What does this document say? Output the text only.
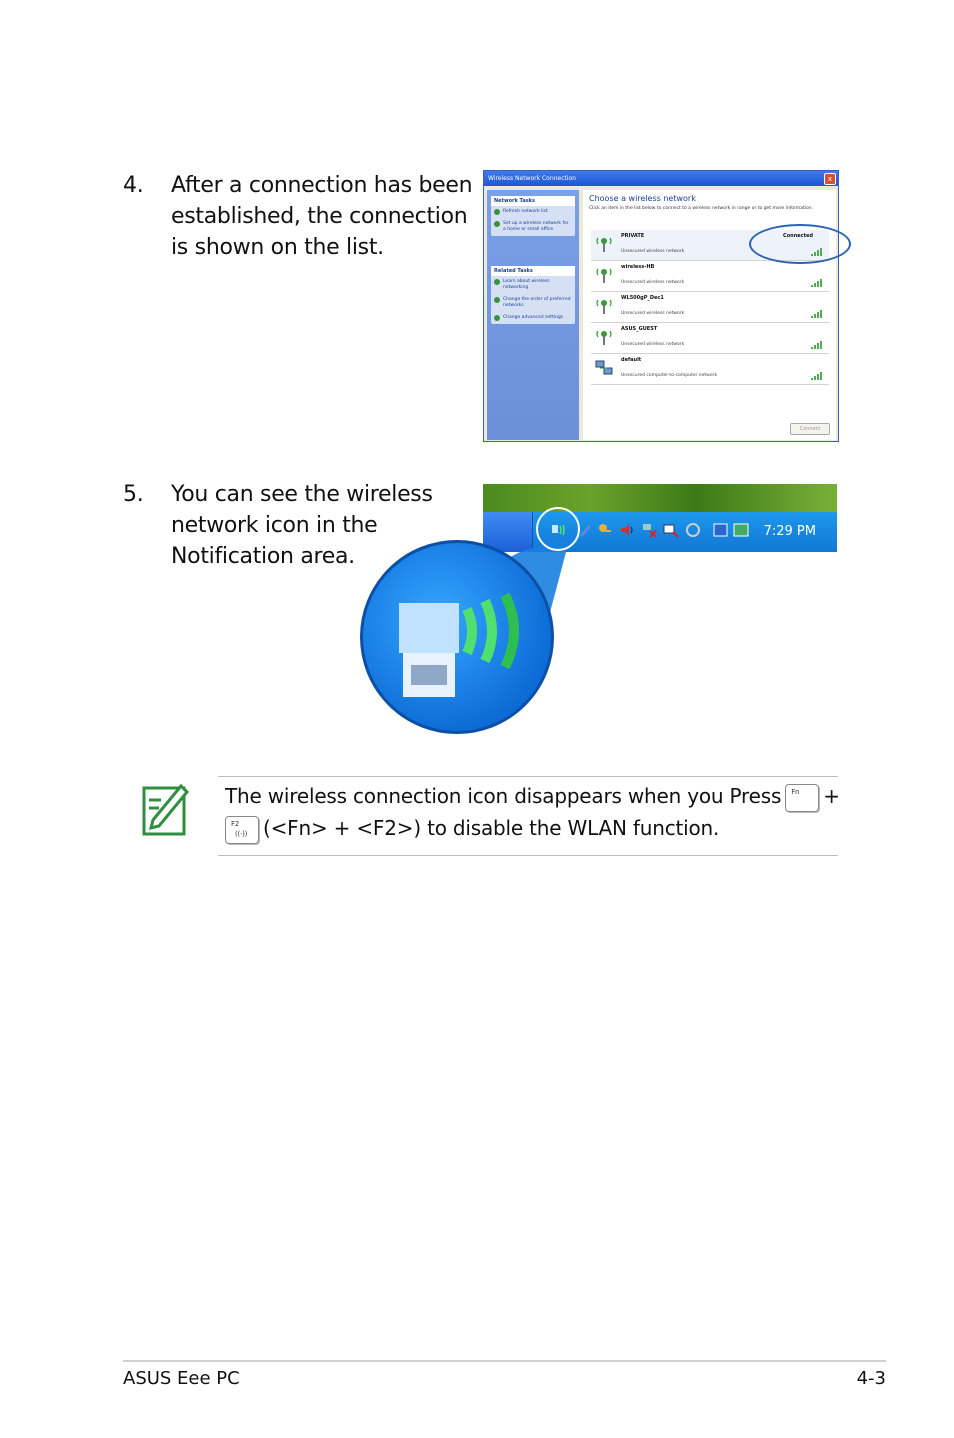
4. After a connection has been
established, the connection
is shown on the list.
Wireless Network Connection	x
Network Tasks
Refresh network list
Set up a wireless network for a home or small office
Related Tasks
Learn about wireless networking
Change the order of preferred networks
Change advanced settings
Choose a wireless network
Click an item in the list below to connect to a wireless network in range or to get more information.
PRIVATE
Unsecured wireless network
Connected
wireless-HB
Unsecured wireless network
WL500gP_Dec1
Unsecured wireless network
ASUS_GUEST
Unsecured wireless network
default
Unsecured computer-to-computer network
Connect
5. You can see the wireless
network icon in the
Notification area.
7:29 PM
The wireless connection icon disappears when you Press Fn +
F2
((·)) (<Fn> + <F2>) to disable the WLAN function.
ASUS Eee PC	4-3
